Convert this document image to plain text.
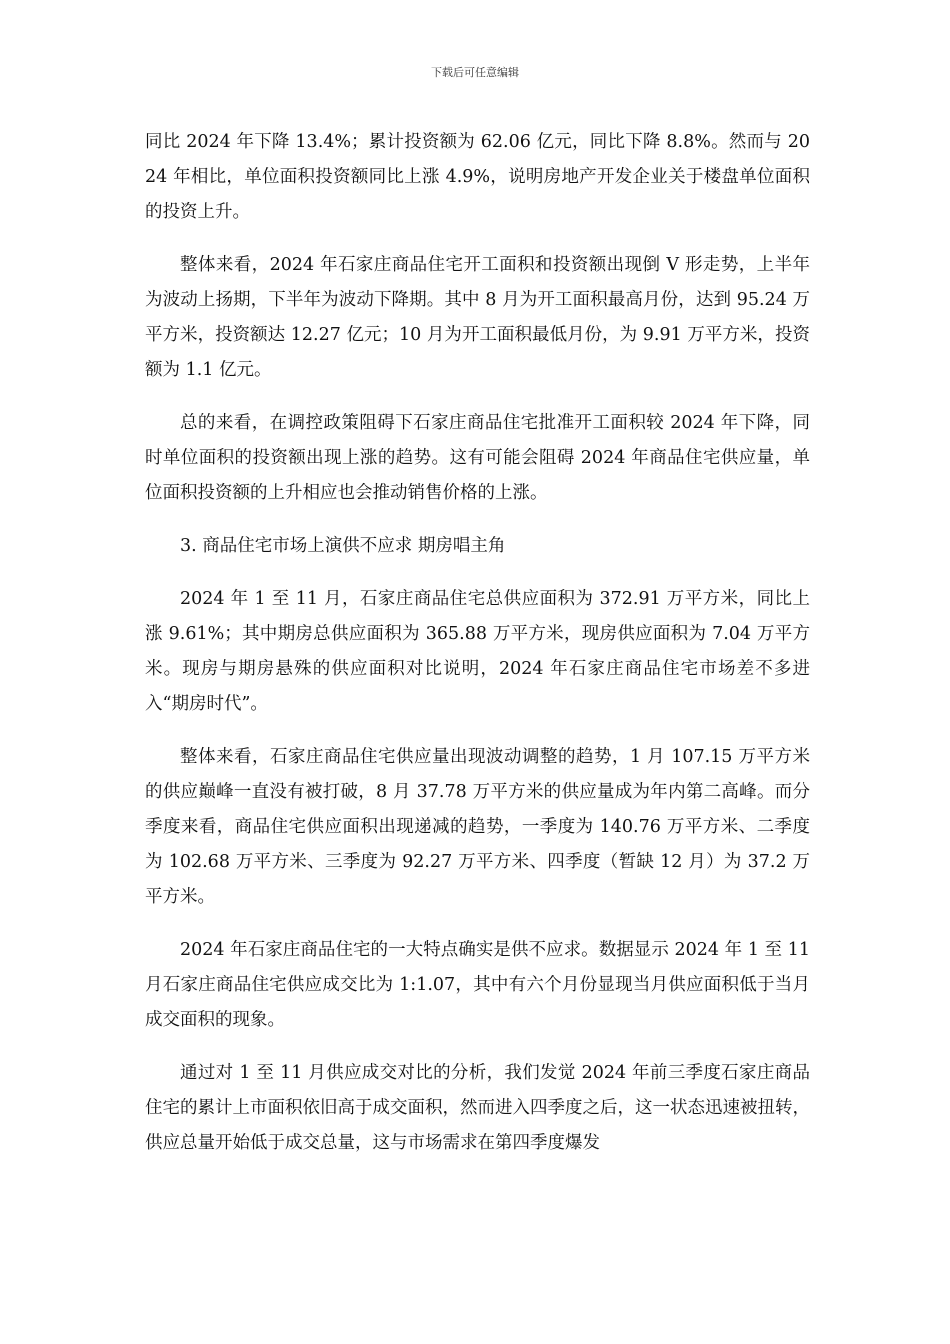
下载后可任意编辑

同比 2024 年下降 13.4%；累计投资额为 62.06 亿元，同比下降 8.8%。然而与 2024 年相比，单位面积投资额同比上涨 4.9%，说明房地产开发企业关于楼盘单位面积的投资上升。

整体来看，2024 年石家庄商品住宅开工面积和投资额出现倒 V 形走势，上半年为波动上扬期，下半年为波动下降期。其中 8 月为开工面积最高月份，达到 95.24 万平方米，投资额达 12.27 亿元；10 月为开工面积最低月份，为 9.91 万平方米，投资额为 1.1 亿元。

总的来看，在调控政策阻碍下石家庄商品住宅批准开工面积较 2024 年下降，同时单位面积的投资额出现上涨的趋势。这有可能会阻碍 2024 年商品住宅供应量，单位面积投资额的上升相应也会推动销售价格的上涨。

3. 商品住宅市场上演供不应求 期房唱主角

2024 年 1 至 11 月，石家庄商品住宅总供应面积为 372.91 万平方米，同比上涨 9.61%；其中期房总供应面积为 365.88 万平方米，现房供应面积为 7.04 万平方米。现房与期房悬殊的供应面积对比说明，2024 年石家庄商品住宅市场差不多进入“期房时代”。

整体来看，石家庄商品住宅供应量出现波动调整的趋势，1 月 107.15 万平方米的供应巅峰一直没有被打破，8 月 37.78 万平方米的供应量成为年内第二高峰。而分季度来看，商品住宅供应面积出现递减的趋势，一季度为 140.76 万平方米、二季度为 102.68 万平方米、三季度为 92.27 万平方米、四季度（暂缺 12 月）为 37.2 万平方米。

2024 年石家庄商品住宅的一大特点确实是供不应求。数据显示 2024 年 1 至 11 月石家庄商品住宅供应成交比为 1:1.07，其中有六个月份显现当月供应面积低于当月成交面积的现象。

通过对 1 至 11 月供应成交对比的分析，我们发觉 2024 年前三季度石家庄商品住宅的累计上市面积依旧高于成交面积，然而进入四季度之后，这一状态迅速被扭转，供应总量开始低于成交总量，这与市场需求在第四季度爆发
